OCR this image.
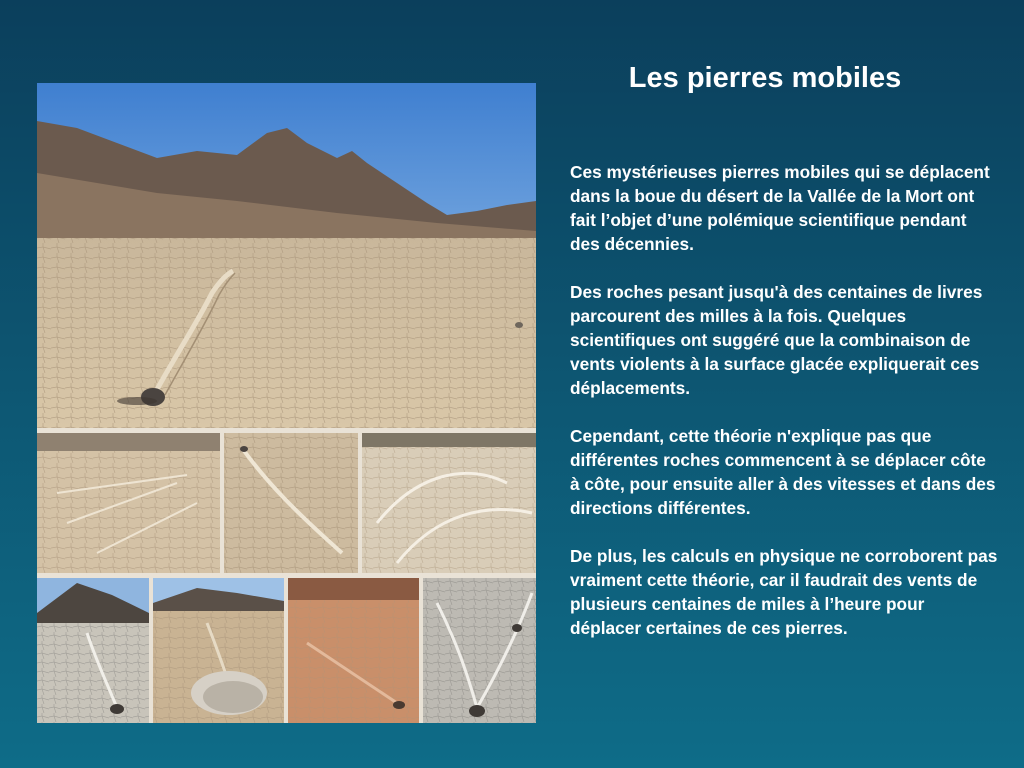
Les pierres mobiles

Ces mystérieuses pierres mobiles qui se déplacent dans la boue du désert de la Vallée de la Mort ont fait l’objet d’une polémique scientifique pendant des décennies.

Des roches pesant jusqu'à des centaines de livres parcourent des milles à la fois. Quelques scientifiques ont suggéré que la combinaison de vents violents à la surface glacée expliquerait ces déplacements.

Cependant, cette théorie n'explique pas que différentes roches commencent à se déplacer côte à côte, pour ensuite aller à des vitesses et dans des directions différentes.

De plus, les calculs en physique ne corroborent pas vraiment cette théorie, car il faudrait des vents de plusieurs centaines de miles à l’heure pour déplacer certaines de ces pierres.
